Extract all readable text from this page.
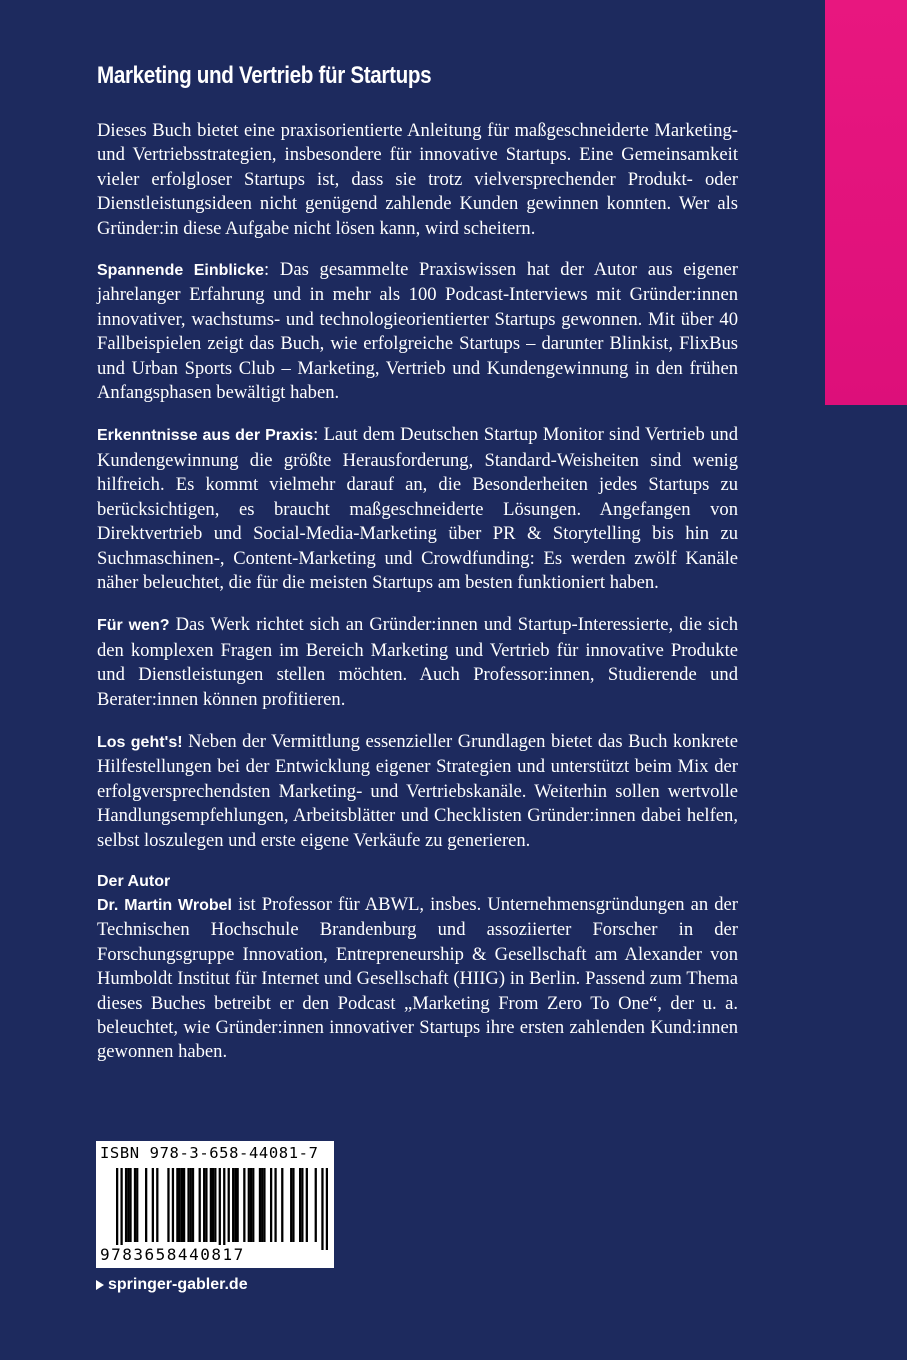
Marketing und Vertrieb für Startups

Dieses Buch bietet eine praxisorientierte Anleitung für maßgeschneiderte Marketing- und Vertriebsstrategien, insbesondere für innovative Startups. Eine Gemeinsamkeit vieler erfolgloser Startups ist, dass sie trotz vielversprechender Produkt- oder Dienstleistungsideen nicht genügend zahlende Kunden gewinnen konnten. Wer als Gründer:in diese Aufgabe nicht lösen kann, wird scheitern.

Spannende Einblicke: Das gesammelte Praxiswissen hat der Autor aus eigener jahrelanger Erfahrung und in mehr als 100 Podcast-Interviews mit Gründer:innen innovativer, wachstums- und technologieorientierter Startups gewonnen. Mit über 40 Fallbeispielen zeigt das Buch, wie erfolgreiche Startups – darunter Blinkist, FlixBus und Urban Sports Club – Marketing, Vertrieb und Kundengewinnung in den frühen Anfangsphasen bewältigt haben.

Erkenntnisse aus der Praxis: Laut dem Deutschen Startup Monitor sind Vertrieb und Kundengewinnung die größte Herausforderung, Standard-Weisheiten sind wenig hilfreich. Es kommt vielmehr darauf an, die Besonderheiten jedes Startups zu berücksichtigen, es braucht maßgeschneiderte Lösungen. Angefangen von Direktvertrieb und Social-Media-Marketing über PR & Storytelling bis hin zu Suchmaschinen-, Content-Marketing und Crowdfunding: Es werden zwölf Kanäle näher beleuchtet, die für die meisten Startups am besten funktioniert haben.

Für wen? Das Werk richtet sich an Gründer:innen und Startup-Interessierte, die sich den komplexen Fragen im Bereich Marketing und Vertrieb für innovative Produkte und Dienstleistungen stellen möchten. Auch Professor:innen, Studierende und Berater:innen können profitieren.

Los geht's! Neben der Vermittlung essenzieller Grundlagen bietet das Buch konkrete Hilfestellungen bei der Entwicklung eigener Strategien und unterstützt beim Mix der erfolgversprechendsten Marketing- und Vertriebskanäle. Weiterhin sollen wertvolle Handlungsempfehlungen, Arbeitsblätter und Checklisten Gründer:innen dabei helfen, selbst loszulegen und erste eigene Verkäufe zu generieren.

Der Autor
Dr. Martin Wrobel ist Professor für ABWL, insbes. Unternehmensgründungen an der Technischen Hochschule Brandenburg und assoziierter Forscher in der Forschungsgruppe Innovation, Entrepreneurship & Gesellschaft am Alexander von Humboldt Institut für Internet und Gesellschaft (HIIG) in Berlin. Passend zum Thema dieses Buches betreibt er den Podcast „Marketing From Zero To One“, der u. a. beleuchtet, wie Gründer:innen innovativer Startups ihre ersten zahlenden Kund:innen gewonnen haben.

ISBN 978-3-658-44081-7
9783658440817
springer-gabler.de
